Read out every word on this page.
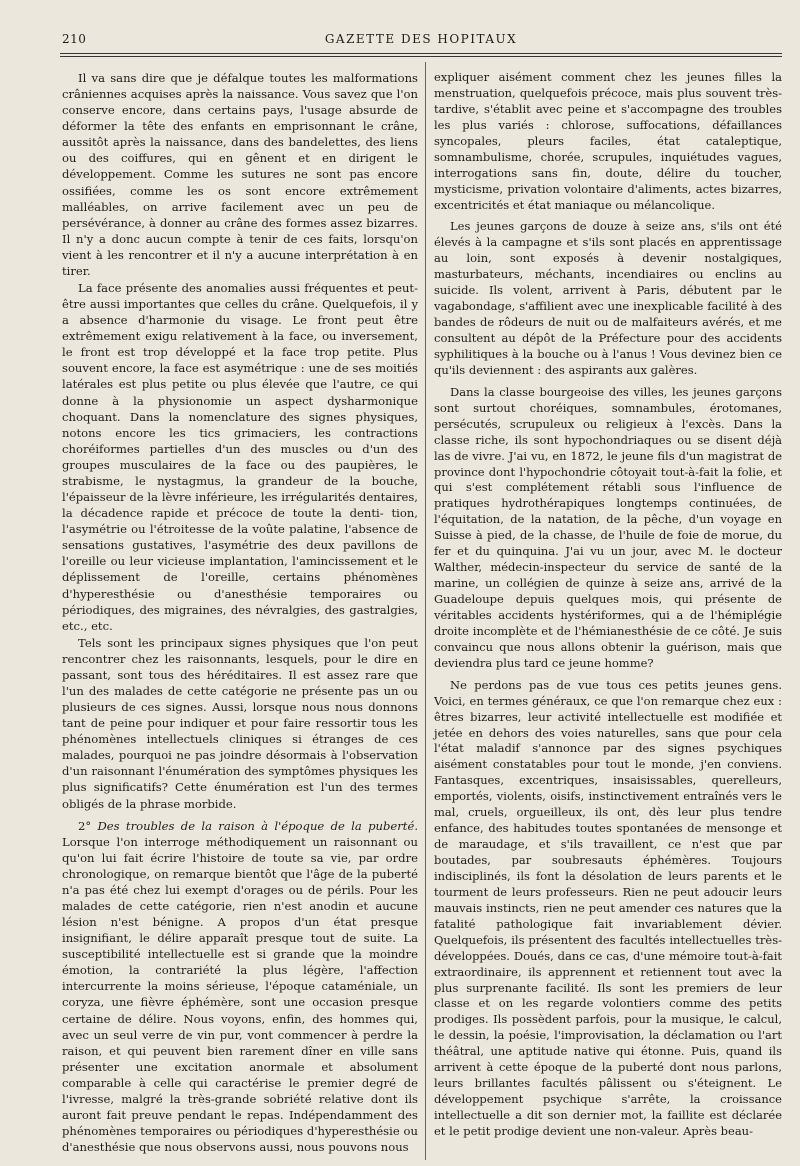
210	GAZETTE DES HOPITAUX

Il va sans dire que je défalque toutes les malformations crâniennes acquises après la naissance. Vous savez que l'on conserve encore, dans certains pays, l'usage absurde de déformer la tête des enfants en emprisonnant le crâne, aussitôt après la naissance, dans des bandelettes, des liens ou des coiffures, qui en gênent et en dirigent le développement. Comme les sutures ne sont pas encore ossifiées, comme les os sont encore extrêmement malléables, on arrive facilement avec un peu de persévérance, à donner au crâne des formes assez bizarres. Il n'y a donc aucun compte à tenir de ces faits, lorsqu'on vient à les rencontrer et il n'y a aucune interprétation à en tirer.

La face présente des anomalies aussi fréquentes et peut-être aussi importantes que celles du crâne. Quelquefois, il y a absence d'harmonie du visage. Le front peut être extrêmement exigu relativement à la face, ou inversement, le front est trop développé et la face trop petite. Plus souvent encore, la face est asymétrique : une de ses moitiés latérales est plus petite ou plus élevée que l'autre, ce qui donne à la physionomie un aspect dysharmonique choquant. Dans la nomenclature des signes physiques, notons encore les tics grimaciers, les contractions choréiformes partielles d'un des muscles ou d'un des groupes musculaires de la face ou des paupières, le strabisme, le nystagmus, la grandeur de la bouche, l'épaisseur de la lèvre inférieure, les irrégularités dentaires, la décadence rapide et précoce de toute la denti- tion, l'asymétrie ou l'étroitesse de la voûte palatine, l'absence de sensations gustatives, l'asymétrie des deux pavillons de l'oreille ou leur vicieuse implantation, l'amincissement et le déplissement de l'oreille, certains phénomènes d'hyperesthésie ou d'anesthésie temporaires ou périodiques, des migraines, des névralgies, des gastralgies, etc., etc.

Tels sont les principaux signes physiques que l'on peut rencontrer chez les raisonnants, lesquels, pour le dire en passant, sont tous des héréditaires. Il est assez rare que l'un des malades de cette catégorie ne présente pas un ou plusieurs de ces signes. Aussi, lorsque nous nous donnons tant de peine pour indiquer et pour faire ressortir tous les phénomènes intellectuels cliniques si étranges de ces malades, pourquoi ne pas joindre désormais à l'observation d'un raisonnant l'énumération des symptômes physiques les plus significatifs? Cette énumération est l'un des termes obligés de la phrase morbide.

2° Des troubles de la raison à l'époque de la puberté. Lorsque l'on interroge méthodiquement un raisonnant ou qu'on lui fait écrire l'histoire de toute sa vie, par ordre chronologique, on remarque bientôt que l'âge de la puberté n'a pas été chez lui exempt d'orages ou de périls. Pour les malades de cette catégorie, rien n'est anodin et aucune lésion n'est bénigne. A propos d'un état presque insignifiant, le délire apparaît presque tout de suite. La susceptibilité intellectuelle est si grande que la moindre émotion, la contrariété la plus légère, l'affection intercurrente la moins sérieuse, l'époque cataméniale, un coryza, une fièvre éphémère, sont une occasion presque certaine de délire. Nous voyons, enfin, des hommes qui, avec un seul verre de vin pur, vont commencer à perdre la raison, et qui peuvent bien rarement dîner en ville sans présenter une excitation anormale et absolument comparable à celle qui caractérise le premier degré de l'ivresse, malgré la très-grande sobriété relative dont ils auront fait preuve pendant le repas. Indépendamment des phénomènes temporaires ou périodiques d'hyperesthésie ou d'anesthésie que nous observons aussi, nous pouvons nous

expliquer aisément comment chez les jeunes filles la menstruation, quelquefois précoce, mais plus souvent très-tardive, s'établit avec peine et s'accompagne des troubles les plus variés : chlorose, suffocations, défaillances syncopales, pleurs faciles, état cataleptique, somnambulisme, chorée, scrupules, inquiétudes vagues, interrogations sans fin, doute, délire du toucher, mysticisme, privation volontaire d'aliments, actes bizarres, excentricités et état maniaque ou mélancolique.

Les jeunes garçons de douze à seize ans, s'ils ont été élevés à la campagne et s'ils sont placés en apprentissage au loin, sont exposés à devenir nostalgiques, masturbateurs, méchants, incendiaires ou enclins au suicide. Ils volent, arrivent à Paris, débutent par le vagabondage, s'affilient avec une inexplicable facilité à des bandes de rôdeurs de nuit ou de malfaiteurs avérés, et me consultent au dépôt de la Préfecture pour des accidents syphilitiques à la bouche ou à l'anus ! Vous devinez bien ce qu'ils deviennent : des aspirants aux galères.

Dans la classe bourgeoise des villes, les jeunes garçons sont surtout choréiques, somnambules, érotomanes, persécutés, scrupuleux ou religieux à l'excès. Dans la classe riche, ils sont hypochondriaques ou se disent déjà las de vivre. J'ai vu, en 1872, le jeune fils d'un magistrat de province dont l'hypochondrie côtoyait tout-à-fait la folie, et qui s'est complétement rétabli sous l'influence de pratiques hydrothérapiques longtemps continuées, de l'équitation, de la natation, de la pêche, d'un voyage en Suisse à pied, de la chasse, de l'huile de foie de morue, du fer et du quinquina. J'ai vu un jour, avec M. le docteur Walther, médecin-inspecteur du service de santé de la marine, un collégien de quinze à seize ans, arrivé de la Guadeloupe depuis quelques mois, qui présente de véritables accidents hystériformes, qui a de l'hémiplégie droite incomplète et de l'hémianesthésie de ce côté. Je suis convaincu que nous allons obtenir la guérison, mais que deviendra plus tard ce jeune homme?

Ne perdons pas de vue tous ces petits jeunes gens. Voici, en termes généraux, ce que l'on remarque chez eux : êtres bizarres, leur activité intellectuelle est modifiée et jetée en dehors des voies naturelles, sans que pour cela l'état maladif s'annonce par des signes psychiques aisément constatables pour tout le monde, j'en conviens. Fantasques, excentriques, insaisissables, querelleurs, emportés, violents, oisifs, instinctivement entraînés vers le mal, cruels, orgueilleux, ils ont, dès leur plus tendre enfance, des habitudes toutes spontanées de mensonge et de maraudage, et s'ils travaillent, ce n'est que par boutades, par soubresauts éphémères. Toujours indisciplinés, ils font la désolation de leurs parents et le tourment de leurs professeurs. Rien ne peut adoucir leurs mauvais instincts, rien ne peut amender ces natures que la fatalité pathologique fait invariablement dévier. Quelquefois, ils présentent des facultés intellectuelles très-développées. Doués, dans ce cas, d'une mémoire tout-à-fait extraordinaire, ils apprennent et retiennent tout avec la plus surprenante facilité. Ils sont les premiers de leur classe et on les regarde volontiers comme des petits prodiges. Ils possèdent parfois, pour la musique, le calcul, le dessin, la poésie, l'improvisation, la déclamation ou l'art théâtral, une aptitude native qui étonne. Puis, quand ils arrivent à cette époque de la puberté dont nous parlons, leurs brillantes facultés pâlissent ou s'éteignent. Le développement psychique s'arrête, la croissance intellectuelle a dit son dernier mot, la faillite est déclarée et le petit prodige devient une non-valeur. Après beau-
